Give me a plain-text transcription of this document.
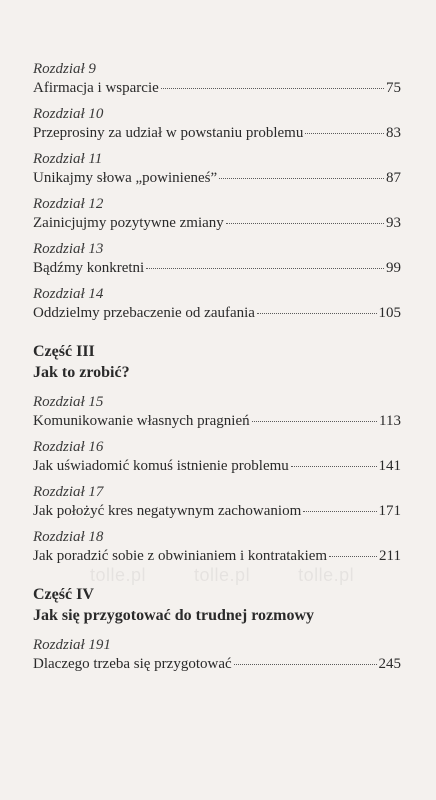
Rozdział 9
Afirmacja i wsparcie	75
Rozdział 10
Przeprosiny za udział w powstaniu problemu	83
Rozdział 11
Unikajmy słowa „powinieneś”	87
Rozdział 12
Zainicjujmy pozytywne zmiany	93
Rozdział 13
Bądźmy konkretni	99
Rozdział 14
Oddzielmy przebaczenie od zaufania	105
Część III
Jak to zrobić?
Rozdział 15
Komunikowanie własnych pragnień	113
Rozdział 16
Jak uświadomić komuś istnienie problemu	141
Rozdział 17
Jak położyć kres negatywnym zachowaniom	171
Rozdział 18
Jak poradzić sobie z obwinianiem i kontratakiem	211
Część IV
Jak się przygotować do trudnej rozmowy
Rozdział 191
Dlaczego trzeba się przygotować	245
tolle.pl	tolle.pl	tolle.pl
